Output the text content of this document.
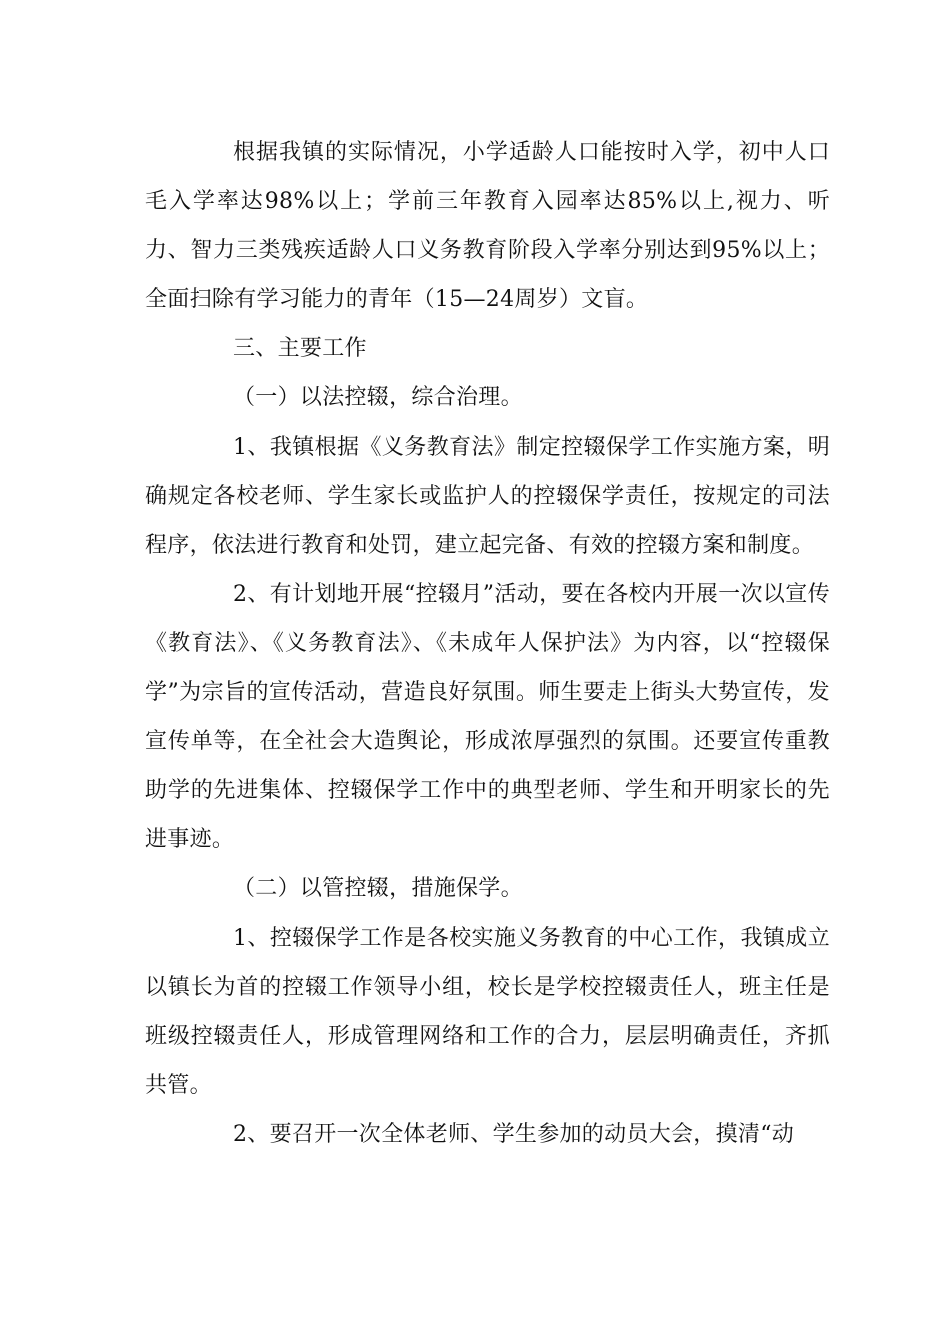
根据我镇的实际情况，小学适龄人口能按时入学，初中人口毛入学率达98%以上；学前三年教育入园率达85%以上,视力、听力、智力三类残疾适龄人口义务教育阶段入学率分别达到95%以上；全面扫除有学习能力的青年（15—24周岁）文盲。

三、主要工作

（一）以法控辍，综合治理。

1、我镇根据《义务教育法》制定控辍保学工作实施方案，明确规定各校老师、学生家长或监护人的控辍保学责任，按规定的司法程序，依法进行教育和处罚，建立起完备、有效的控辍方案和制度。

2、有计划地开展“控辍月”活动，要在各校内开展一次以宣传《教育法》、《义务教育法》、《未成年人保护法》为内容，以“控辍保学”为宗旨的宣传活动，营造良好氛围。师生要走上街头大势宣传，发宣传单等，在全社会大造舆论，形成浓厚强烈的氛围。还要宣传重教助学的先进集体、控辍保学工作中的典型老师、学生和开明家长的先进事迹。

（二）以管控辍，措施保学。

1、控辍保学工作是各校实施义务教育的中心工作，我镇成立以镇长为首的控辍工作领导小组，校长是学校控辍责任人，班主任是班级控辍责任人，形成管理网络和工作的合力，层层明确责任，齐抓共管。

2、要召开一次全体老师、学生参加的动员大会，摸清“动
